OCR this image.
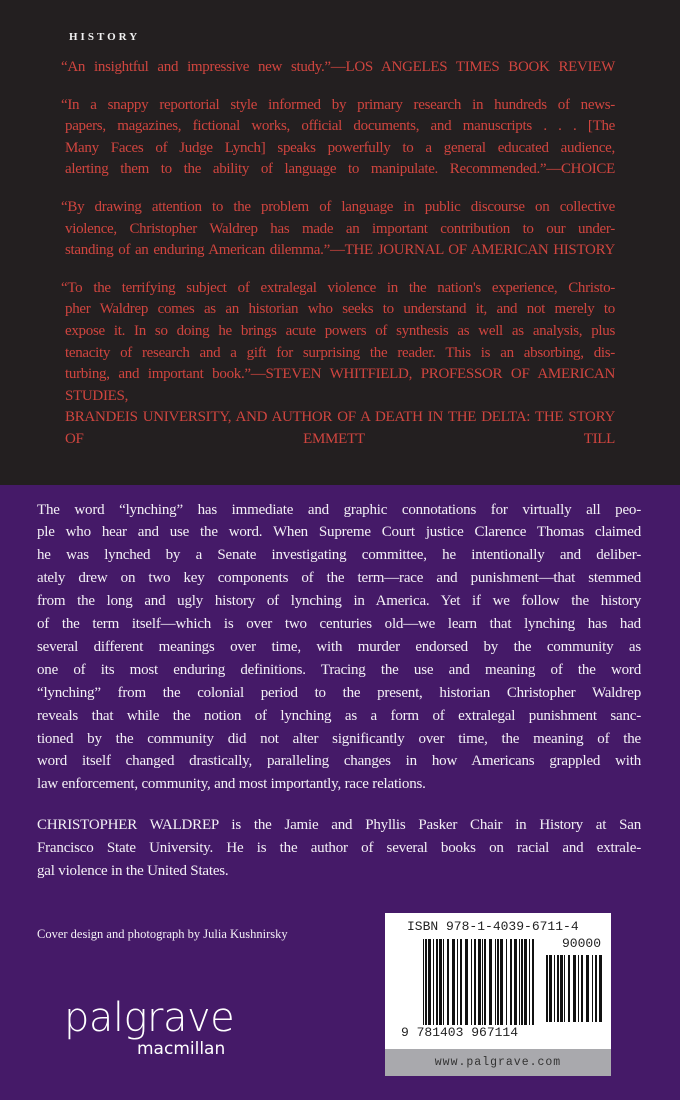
HISTORY
“An insightful and impressive new study.”—LOS ANGELES TIMES BOOK REVIEW
“In a snappy reportorial style informed by primary research in hundreds of news-
papers, magazines, fictional works, official documents, and manuscripts . . . [The
Many Faces of Judge Lynch] speaks powerfully to a general educated audience,
alerting them to the ability of language to manipulate. Recommended.”—CHOICE
“By drawing attention to the problem of language in public discourse on collective
violence, Christopher Waldrep has made an important contribution to our under-
standing of an enduring American dilemma.”—THE JOURNAL OF AMERICAN HISTORY
“To the terrifying subject of extralegal violence in the nation's experience, Christo-
pher Waldrep comes as an historian who seeks to understand it, and not merely to
expose it. In so doing he brings acute powers of synthesis as well as analysis, plus
tenacity of research and a gift for surprising the reader. This is an absorbing, dis-
turbing, and important book.”—STEVEN WHITFIELD, PROFESSOR OF AMERICAN STUDIES,
BRANDEIS UNIVERSITY, AND AUTHOR OF A DEATH IN THE DELTA: THE STORY OF EMMETT TILL
The word “lynching” has immediate and graphic connotations for virtually all peo-
ple who hear and use the word. When Supreme Court justice Clarence Thomas claimed
he was lynched by a Senate investigating committee, he intentionally and deliber-
ately drew on two key components of the term—race and punishment—that stemmed
from the long and ugly history of lynching in America. Yet if we follow the history
of the term itself—which is over two centuries old—we learn that lynching has had
several different meanings over time, with murder endorsed by the community as
one of its most enduring definitions. Tracing the use and meaning of the word
“lynching” from the colonial period to the present, historian Christopher Waldrep
reveals that while the notion of lynching as a form of extralegal punishment sanc-
tioned by the community did not alter significantly over time, the meaning of the
word itself changed drastically, paralleling changes in how Americans grappled with
law enforcement, community, and most importantly, race relations.
CHRISTOPHER WALDREP is the Jamie and Phyllis Pasker Chair in History at San
Francisco State University. He is the author of several books on racial and extrale-
gal violence in the United States.
Cover design and photograph by Julia Kushnirsky
palgrave
macmillan
ISBN 978-1-4039-6711-4
90000
9 781403 967114
www.palgrave.com
